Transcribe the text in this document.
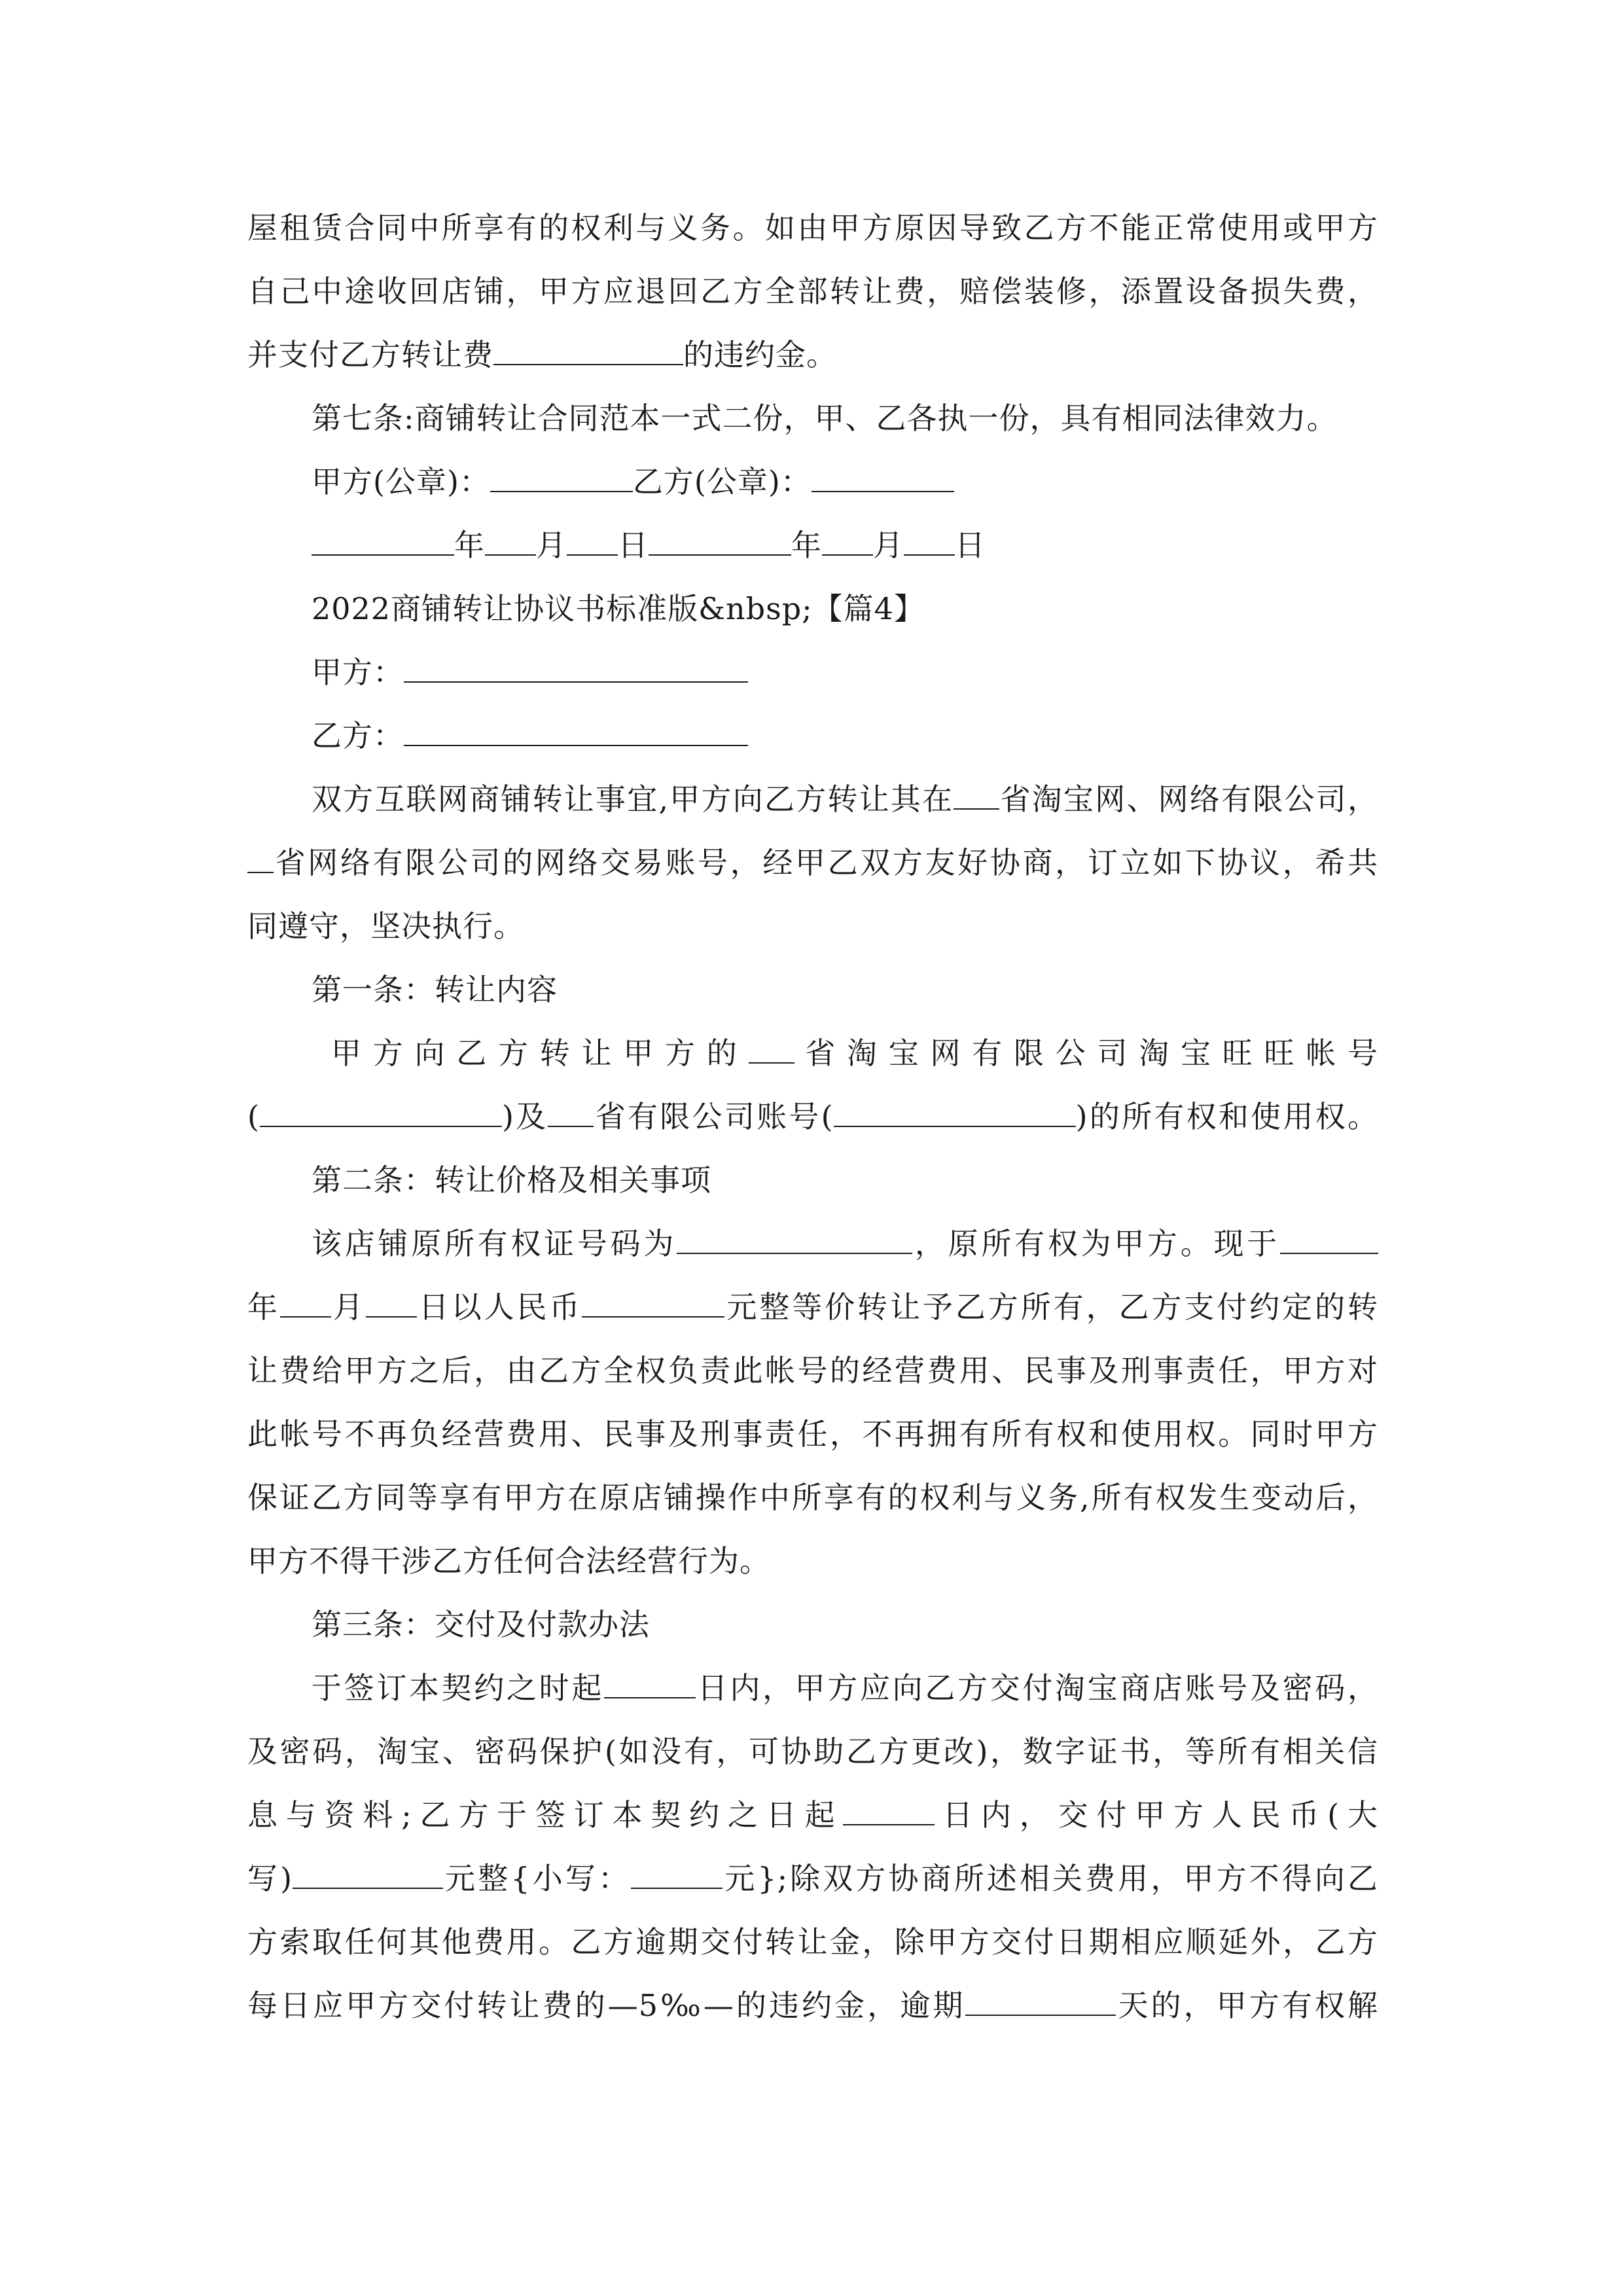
屋租赁合同中所享有的权利与义务。如由甲方原因导致乙方不能正常使用或甲方
自己中途收回店铺，甲方应退回乙方全部转让费，赔偿装修，添置设备损失费，
并支付乙方转让费	的违约金。
第七条:商铺转让合同范本一式二份，甲、乙各执一份，具有相同法律效力。
甲方(公章)：	乙方(公章)：
年 月 日	年 月 日
2022商铺转让协议书标准版&nbsp;【篇4】
甲方：
乙方：
双方互联网商铺转让事宜,甲方向乙方转让其在 省淘宝网、网络有限公司，
省网络有限公司的网络交易账号，经甲乙双方友好协商，订立如下协议，希共
同遵守，坚决执行。
第一条：转让内容
甲方向乙方转让甲方的 省淘宝网有限公司淘宝旺旺帐号
(	)及 省有限公司账号(	)的所有权和使用权。
第二条：转让价格及相关事项
该店铺原所有权证号码为	，原所有权为甲方。现于
年 月 日以人民币	元整等价转让予乙方所有，乙方支付约定的转
让费给甲方之后，由乙方全权负责此帐号的经营费用、民事及刑事责任，甲方对
此帐号不再负经营费用、民事及刑事责任，不再拥有所有权和使用权。同时甲方
保证乙方同等享有甲方在原店铺操作中所享有的权利与义务,所有权发生变动后，
甲方不得干涉乙方任何合法经营行为。
第三条：交付及付款办法
于签订本契约之时起	日内，甲方应向乙方交付淘宝商店账号及密码，
及密码，淘宝、密码保护(如没有，可协助乙方更改)，数字证书，等所有相关信
息与资料;乙方于签订本契约之日起	日内，交付甲方人民币(大
写)	元整{小写：	元};除双方协商所述相关费用，甲方不得向乙
方索取任何其他费用。乙方逾期交付转让金，除甲方交付日期相应顺延外，乙方
每日应甲方交付转让费的—5‰—的违约金，逾期	天的，甲方有权解
